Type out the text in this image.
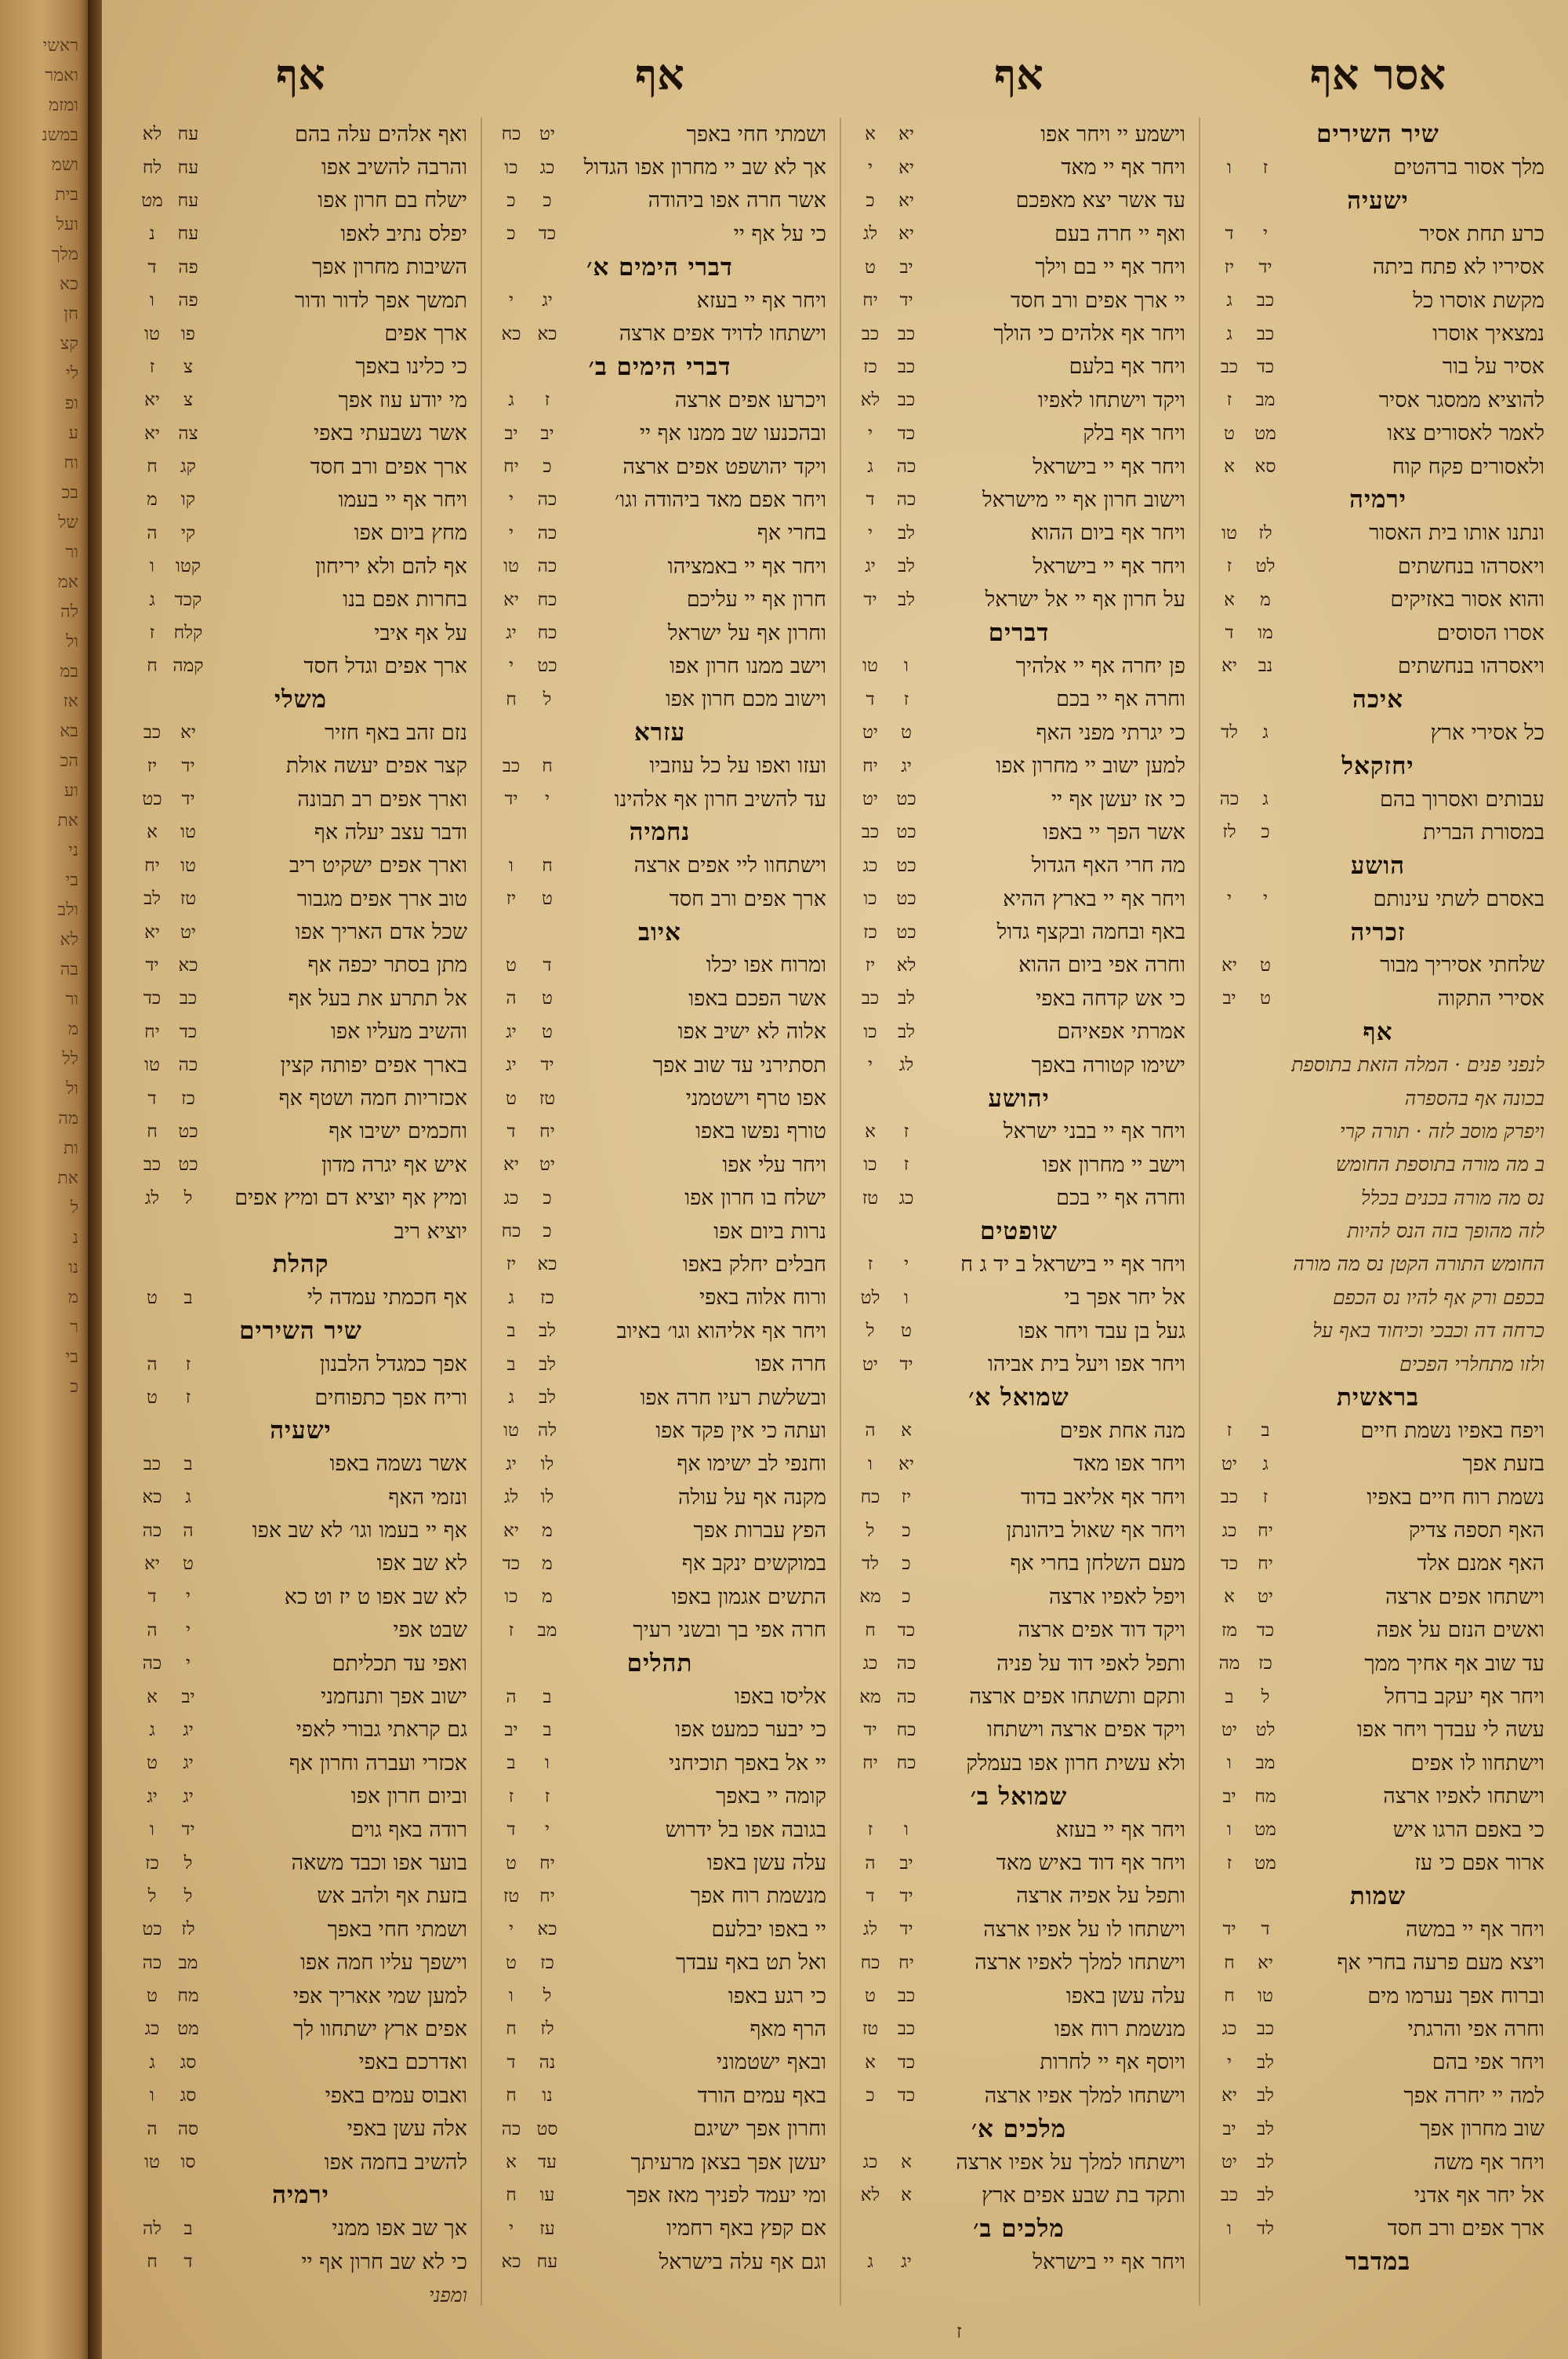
ראשי
ואמר
ומזמ
במשנ
ושמ
בית
ועל
מלך
כא
חן
קצ
לי
ופ
ע
וח
בכ
של
ור
אמ
לה
ול
במ
אז
בא
הכ
וע
את
ני
בי
ולב
לא
בה
ור
מ
לל
ול
מה
ות
את
ל
נ
נו
מ
ר
בי
כ
אסר אף
שיר השירים
מלך אסור ברהטים
ז
ו
ישעיה
כרע תחת אסיר
י
ד
אסיריו לא פתח ביתה
יד
יז
מקשת אוסרו כל
כב
ג
נמצאיך אוסרו
כב
ג
אסיר על בור
כד
כב
להוציא ממסגר אסיר
מב
ז
לאמר לאסורים צאו
מט
ט
ולאסורים פקח קוח
סא
א
ירמיה
ונתנו אותו בית האסור
לז
טו
ויאסרהו בנחשתים
לט
ז
והוא אסור באזיקים
מ
א
אסרו הסוסים
מו
ד
ויאסרהו בנחשתים
נב
יא
איכה
כל אסירי ארץ
ג
לד
יחזקאל
עבותים ואסרוך בהם
ג
כה
במסורת הברית
כ
לז
הושע
באסרם לשתי עינותם
י
י
זכריה
שלחתי אסיריך מבור
ט
יא
אסירי התקוה
ט
יב
אף
לנפני פנים · המלה הזאת בתוספת
בכונה אף בהספרה
ויפרק מוסב לזה · תורה קרי
ב מה מורה בתוספת החומש
נס מה מורה בכנים בכלל
לזה מהופך בזה הנס להיות
החומש התורה הקטן נס מה מורה
בכפם ורק אף להיו נס הכפם
כרחה דה וכבכי וכיחוד באף על
ולזו מתחלרי הפכים
בראשית
ויפח באפיו נשמת חיים
ב
ז
בזעת אפך
ג
יט
נשמת רוח חיים באפיו
ז
כב
האף תספה צדיק
יח
כג
האף אמנם אלד
יח
כד
וישתחו אפים ארצה
יט
א
ואשים הנזם על אפה
כד
מז
עד שוב אף אחיך ממך
כז
מה
ויחר אף יעקב ברחל
ל
ב
עשה לי עבדך ויחר אפו
לט
יט
וישתחוו לו אפים
מב
ו
וישתחו לאפיו ארצה
מח
יב
כי באפם הרגו איש
מט
ו
ארור אפם כי עז
מט
ז
שמות
ויחר אף יי במשה
ד
יד
ויצא מעם פרעה בחרי אף
יא
ח
וברוח אפך נערמו מים
טו
ח
וחרה אפי והרגתי
כב
כג
ויחר אפי בהם
לב
י
למה יי יחרה אפך
לב
יא
שוב מחרון אפך
לב
יב
ויחר אף משה
לב
יט
אל יחר אף אדני
לב
כב
ארך אפים ורב חסד
לד
ו
במדבר
אף
וישמע יי ויחר אפו
יא
א
ויחר אף יי מאד
יא
י
עד אשר יצא מאפכם
יא
כ
ואף יי חרה בעם
יא
לג
ויחר אף יי בם וילך
יב
ט
יי ארך אפים ורב חסד
יד
יח
ויחר אף אלהים כי הולך
כב
כב
ויחר אף בלעם
כב
כז
ויקד וישתחו לאפיו
כב
לא
ויחר אף בלק
כד
י
ויחר אף יי בישראל
כה
ג
וישוב חרון אף יי מישראל
כה
ד
ויחר אף ביום ההוא
לב
י
ויחר אף יי בישראל
לב
יג
על חרון אף יי אל ישראל
לב
יד
דברים
פן יחרה אף יי אלהיך
ו
טו
וחרה אף יי בכם
ז
ד
כי יגרתי מפני האף
ט
יט
למען ישוב יי מחרון אפו
יג
יח
כי אז יעשן אף יי
כט
יט
אשר הפך יי באפו
כט
כב
מה חרי האף הגדול
כט
כג
ויחר אף יי בארץ ההיא
כט
כו
באף ובחמה ובקצף גדול
כט
כז
וחרה אפי ביום ההוא
לא
יז
כי אש קדחה באפי
לב
כב
אמרתי אפאיהם
לב
כו
ישימו קטורה באפך
לג
י
יהושע
ויחר אף יי בבני ישראל
ז
א
וישב יי מחרון אפו
ז
כו
וחרה אף יי בכם
כג
טז
שופטים
ויחר אף יי בישראל ב יד ג ח
י
ז
אל יחר אפך בי
ו
לט
געל בן עבד ויחר אפו
ט
ל
ויחר אפו ויעל בית אביהו
יד
יט
שמואל א׳
מנה אחת אפים
א
ה
ויחר אפו מאד
יא
ו
ויחר אף אליאב בדוד
יז
כח
ויחר אף שאול ביהונתן
כ
ל
מעם השלחן בחרי אף
כ
לד
ויפל לאפיו ארצה
כ
מא
ויקד דוד אפים ארצה
כד
ח
ותפל לאפי דוד על פניה
כה
כג
ותקם ותשתחו אפים ארצה
כה
מא
ויקד אפים ארצה וישתחו
כח
יד
ולא עשית חרון אפו בעמלק
כח
יח
שמואל ב׳
ויחר אף יי בעזא
ו
ז
ויחר אף דוד באיש מאד
יב
ה
ותפל על אפיה ארצה
יד
ד
וישתחו לו על אפיו ארצה
יד
לג
וישתחו למלך לאפיו ארצה
יח
כח
עלה עשן באפו
כב
ט
מנשמת רוח אפו
כב
טז
ויוסף אף יי לחרות
כד
א
וישתחו למלך אפיו ארצה
כד
כ
מלכים א׳
וישתחו למלך על אפיו ארצה
א
כג
ותקד בת שבע אפים ארץ
א
לא
מלכים ב׳
ויחר אף יי בישראל
יג
ג
אף
ושמתי חחי באפך
יט
כח
אך לא שב יי מחרון אפו הגדול
כג
כו
אשר חרה אפו ביהודה
כ
כ
כי על אף יי
כד
כ
דברי הימים א׳
ויחר אף יי בעזא
יג
י
וישתחו לדויד אפים ארצה
כא
כא
דברי הימים ב׳
ויכרעו אפים ארצה
ז
ג
ובהכנעו שב ממנו אף יי
יב
יב
ויקד יהושפט אפים ארצה
כ
יח
ויחר אפם מאד ביהודה וגו׳
כה
י
בחרי אף
כה
י
ויחר אף יי באמציהו
כה
טו
חרון אף יי עליכם
כח
יא
וחרון אף על ישראל
כח
יג
וישב ממנו חרון אפו
כט
י
וישוב מכם חרון אפו
ל
ח
עזרא
ועזו ואפו על כל עוזביו
ח
כב
עד להשיב חרון אף אלהינו
י
יד
נחמיה
וישתחוו ליי אפים ארצה
ח
ו
ארך אפים ורב חסד
ט
יז
איוב
ומרוח אפו יכלו
ד
ט
אשר הפכם באפו
ט
ה
אלוה לא ישיב אפו
ט
יג
תסתירני עד שוב אפך
יד
יג
אפו טרף וישטמני
טז
ט
טורף נפשו באפו
יח
ד
ויחר עלי אפו
יט
יא
ישלח בו חרון אפו
כ
כג
נרות ביום אפו
כ
כח
חבלים יחלק באפו
כא
יז
ורוח אלוה באפי
כז
ג
ויחר אף אליהוא וגו׳ באיוב
לב
ב
חרה אפו
לב
ב
ובשלשת רעיו חרה אפו
לב
ג
ועתה כי אין פקד אפו
לה
טו
וחנפי לב ישימו אף
לו
יג
מקנה אף על עולה
לו
לג
הפץ עברות אפך
מ
יא
במוקשים ינקב אף
מ
כד
התשים אגמון באפו
מ
כו
חרה אפי בך ובשני רעיך
מב
ז
תהלים
אליסו באפו
ב
ה
כי יבער כמעט אפו
ב
יב
יי אל באפך תוכיחני
ו
ב
קומה יי באפך
ז
ז
בגובה אפו בל ידרוש
י
ד
עלה עשן באפו
יח
ט
מנשמת רוח אפך
יח
טז
יי באפו יבלעם
כא
י
ואל תט באף עבדך
כז
ט
כי רגע באפו
ל
ו
הרף מאף
לז
ח
ובאף ישטמוני
נה
ד
באף עמים הורד
נו
ח
וחרון אפך ישיגם
סט
כה
יעשן אפך בצאן מרעיתך
עד
א
ומי יעמד לפניך מאז אפך
עו
ח
אם קפץ באף רחמיו
עז
י
וגם אף עלה בישראל
עח
כא
אף
ואף אלהים עלה בהם
עח
לא
והרבה להשיב אפו
עח
לח
ישלח בם חרון אפו
עח
מט
יפלס נתיב לאפו
עח
נ
השיבות מחרון אפך
פה
ד
תמשך אפך לדור ודור
פה
ו
ארך אפים
פו
טו
כי כלינו באפך
צ
ז
מי יודע עוז אפך
צ
יא
אשר נשבעתי באפי
צה
יא
ארך אפים ורב חסד
קג
ח
ויחר אף יי בעמו
קו
מ
מחץ ביום אפו
קי
ה
אף להם ולא יריחון
קטו
ו
בחרות אפם בנו
קכד
ג
על אף איבי
קלח
ז
ארך אפים וגדל חסד
קמה
ח
משלי
נזם זהב באף חזיר
יא
כב
קצר אפים יעשה אולת
יד
יז
וארך אפים רב תבונה
יד
כט
ודבר עצב יעלה אף
טו
א
וארך אפים ישקיט ריב
טו
יח
טוב ארך אפים מגבור
טז
לב
שכל אדם האריך אפו
יט
יא
מתן בסתר יכפה אף
כא
יד
אל תתרע את בעל אף
כב
כד
והשיב מעליו אפו
כד
יח
בארך אפים יפותה קצין
כה
טו
אכזריות חמה ושטף אף
כז
ד
וחכמים ישיבו אף
כט
ח
איש אף יגרה מדון
כט
כב
ומיץ אף יוציא דם ומיץ אפים
ל
לג
יוציא ריב
קהלת
אף חכמתי עמדה לי
ב
ט
שיר השירים
אפך כמגדל הלבנון
ז
ה
וריח אפך כתפוחים
ז
ט
ישעיה
אשר נשמה באפו
ב
כב
ונזמי האף
ג
כא
אף יי בעמו וגו׳ לא שב אפו
ה
כה
לא שב אפו
ט
יא
לא שב אפו ט יז וט כא
י
ד
שבט אפי
י
ה
ואפי עד תכליתם
י
כה
ישוב אפך ותנחמני
יב
א
גם קראתי גבורי לאפי
יג
ג
אכזרי ועברה וחרון אף
יג
ט
וביום חרון אפו
יג
יג
רודה באף גוים
יד
ו
בוער אפו וכבד משאה
ל
כז
בזעת אף ולהב אש
ל
ל
ושמתי חחי באפך
לז
כט
וישפך עליו חמה אפו
מב
כה
למען שמי אאריך אפי
מח
ט
אפים ארץ ישתחוו לך
מט
כג
ואדרכם באפי
סג
ג
ואבוס עמים באפי
סג
ו
אלה עשן באפי
סה
ה
להשיב בחמה אפו
סו
טו
ירמיה
אך שב אפו ממני
ב
לה
כי לא שב חרון אף יי
ד
ח
ומפני
ז
